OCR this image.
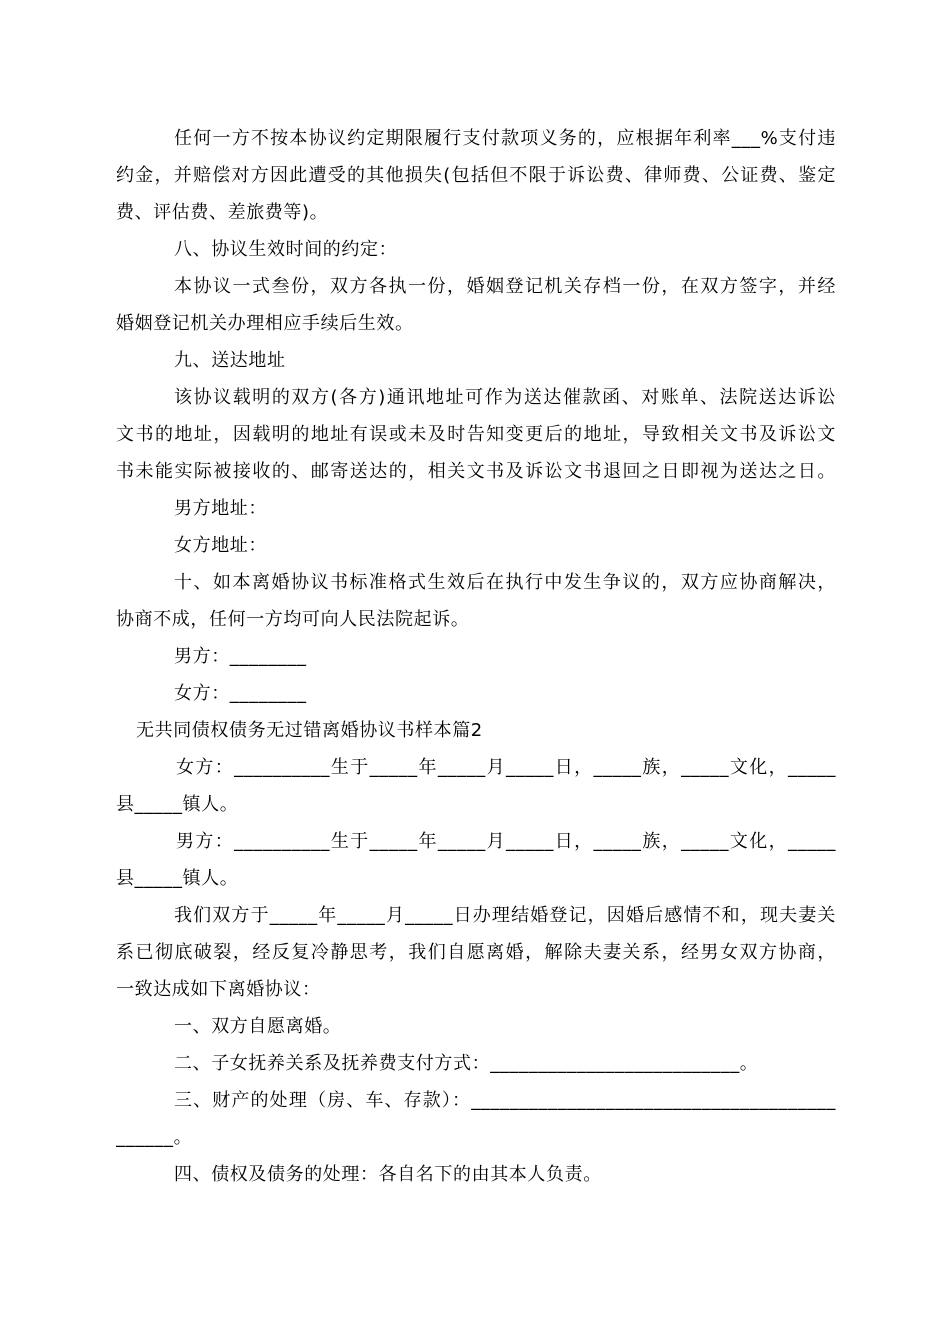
任何一方不按本协议约定期限履行支付款项义务的，应根据年利率___%支付违
约金，并赔偿对方因此遭受的其他损失(包括但不限于诉讼费、律师费、公证费、鉴定
费、评估费、差旅费等)。
八、协议生效时间的约定：
本协议一式叁份，双方各执一份，婚姻登记机关存档一份，在双方签字，并经
婚姻登记机关办理相应手续后生效。
九、送达地址
该协议载明的双方(各方)通讯地址可作为送达催款函、对账单、法院送达诉讼
文书的地址，因载明的地址有误或未及时告知变更后的地址，导致相关文书及诉讼文
书未能实际被接收的、邮寄送达的，相关文书及诉讼文书退回之日即视为送达之日。
男方地址：
女方地址：
十、如本离婚协议书标准格式生效后在执行中发生争议的，双方应协商解决，
协商不成，任何一方均可向人民法院起诉。
男方：________
女方：________
无共同债权债务无过错离婚协议书样本篇2
女方：__________生于_____年_____月_____日，_____族，_____文化，_____
县_____镇人。
男方：__________生于_____年_____月_____日，_____族，_____文化，_____
县_____镇人。
我们双方于_____年_____月_____日办理结婚登记，因婚后感情不和，现夫妻关
系已彻底破裂，经反复冷静思考，我们自愿离婚，解除夫妻关系，经男女双方协商，
一致达成如下离婚协议：
一、双方自愿离婚。
二、子女抚养关系及抚养费支付方式：__________________________。
三、财产的处理（房、车、存款）：______________________________________
______。
四、债权及债务的处理：各自名下的由其本人负责。
